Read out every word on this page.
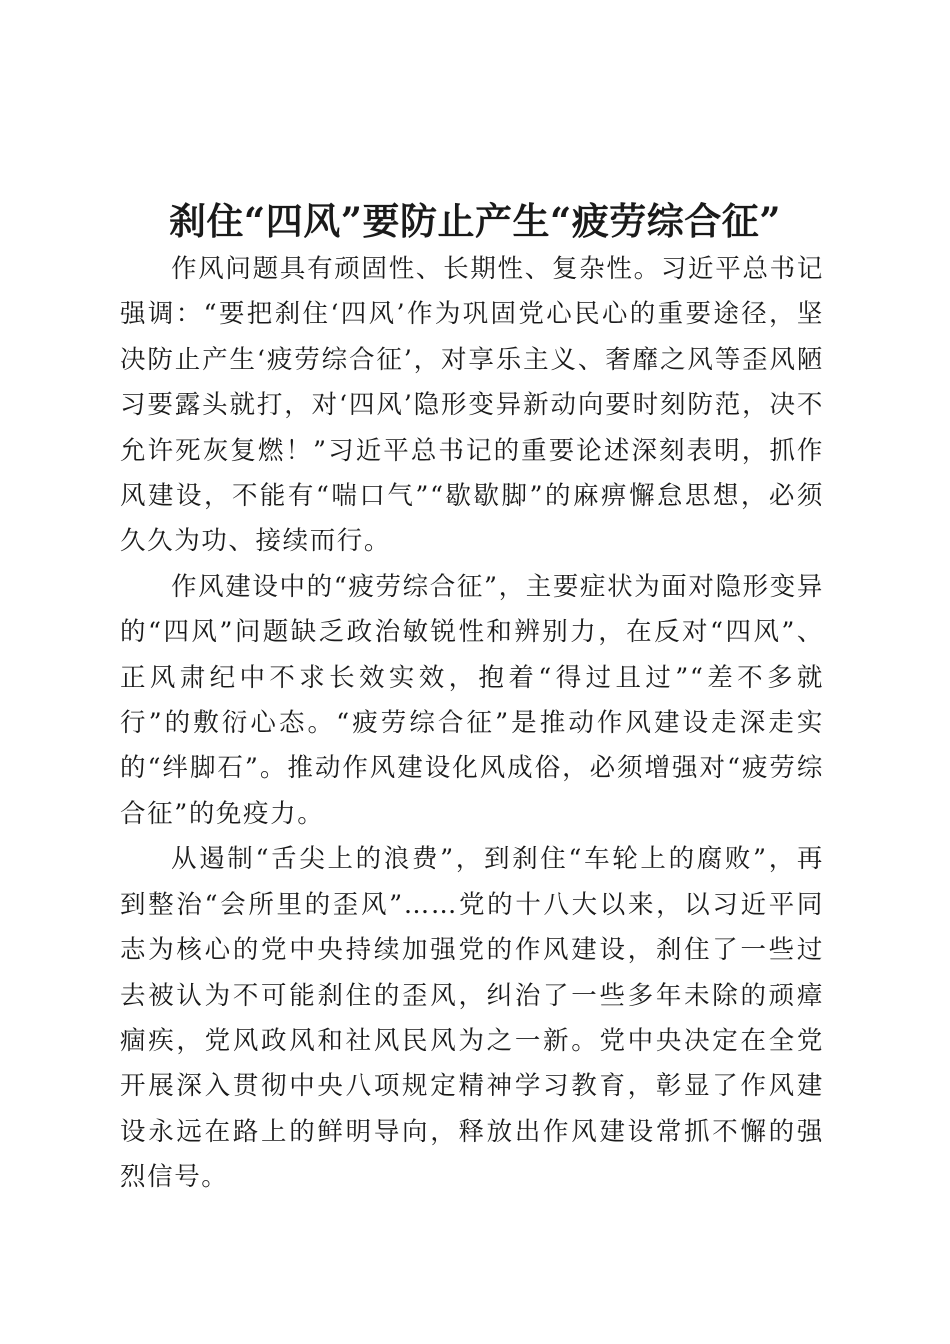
刹住“四风”要防止产生“疲劳综合征”

作风问题具有顽固性、长期性、复杂性。习近平总书记强调：“要把刹住‘四风’作为巩固党心民心的重要途径，坚决防止产生‘疲劳综合征’，对享乐主义、奢靡之风等歪风陋习要露头就打，对‘四风’隐形变异新动向要时刻防范，决不允许死灰复燃！”习近平总书记的重要论述深刻表明，抓作风建设，不能有“喘口气”“歇歇脚”的麻痹懈怠思想，必须久久为功、接续而行。

作风建设中的“疲劳综合征”，主要症状为面对隐形变异的“四风”问题缺乏政治敏锐性和辨别力，在反对“四风”、正风肃纪中不求长效实效，抱着“得过且过”“差不多就行”的敷衍心态。“疲劳综合征”是推动作风建设走深走实的“绊脚石”。推动作风建设化风成俗，必须增强对“疲劳综合征”的免疫力。

从遏制“舌尖上的浪费”，到刹住“车轮上的腐败”，再到整治“会所里的歪风”……党的十八大以来，以习近平同志为核心的党中央持续加强党的作风建设，刹住了一些过去被认为不可能刹住的歪风，纠治了一些多年未除的顽瘴痼疾，党风政风和社风民风为之一新。党中央决定在全党开展深入贯彻中央八项规定精神学习教育，彰显了作风建设永远在路上的鲜明导向，释放出作风建设常抓不懈的强烈信号。
